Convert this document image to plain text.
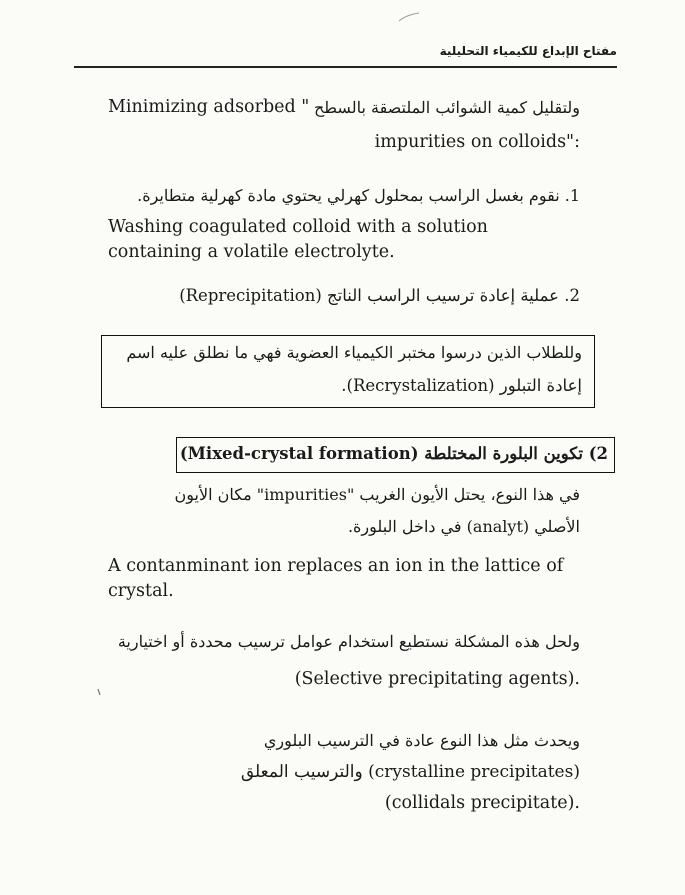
مفتاح الإبداع للكيمياء التحليلية
Minimizing adsorbed " ولتقليل كمية الشوائب الملتصقة بالسطح
:"impurities on colloids
1. نقوم بغسل الراسب بمحلول كهرلي يحتوي مادة كهرلية متطايرة.
Washing coagulated colloid with a solution
containing a volatile electrolyte.
2. عملية إعادة ترسيب الراسب الناتج (Reprecipitation)
وللطلاب الذين درسوا مختبر الكيمياء العضوية فهي ما نطلق عليه اسم
إعادة التبلور (Recrystalization).
2) تكوين البلورة المختلطة (Mixed-crystal formation)
في هذا النوع، يحتل الأيون الغريب "impurities" مكان الأيون
الأصلي (analyt) في داخل البلورة.
A contanminant ion replaces an ion in the lattice of
crystal.
ولحل هذه المشكلة نستطيع استخدام عوامل ترسيب محددة أو اختيارية
.(Selective precipitating agents)
ويحدث مثل هذا النوع عادة في الترسيب البلوري
(crystalline precipitates) والترسيب المعلق
.(collidals precipitate)
